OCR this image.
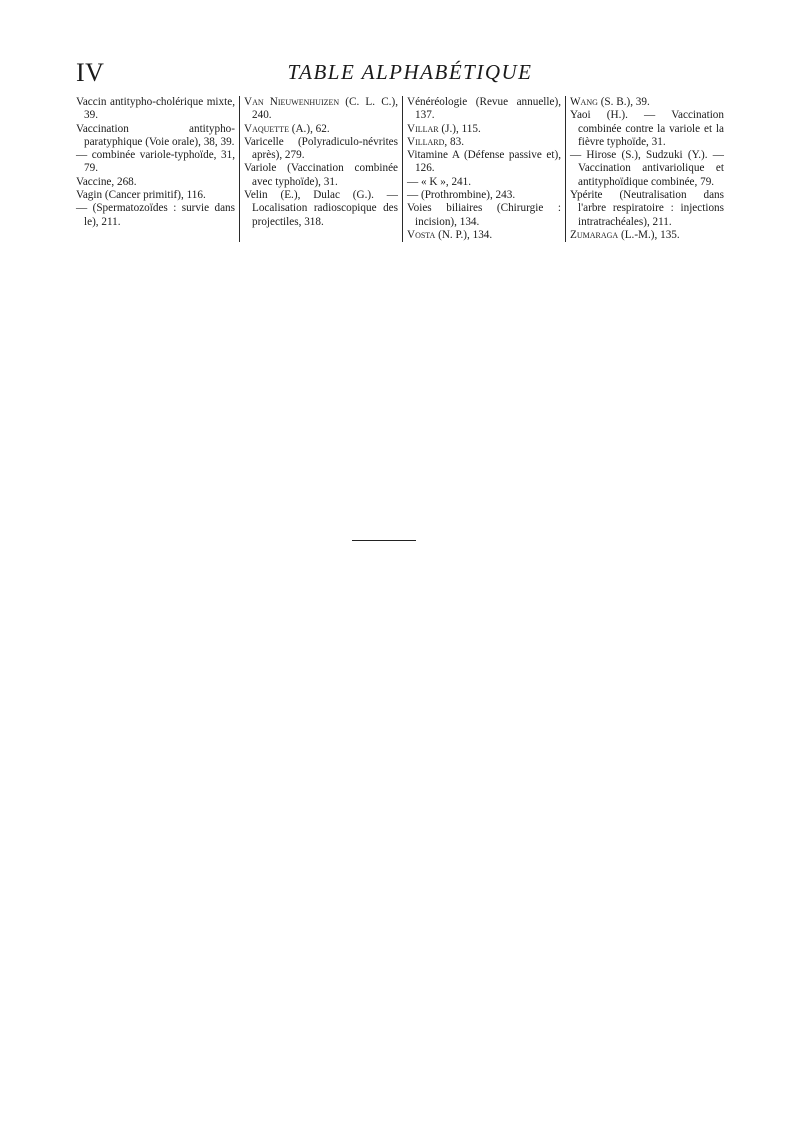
IV	TABLE ALPHABÉTIQUE
Vaccin antitypho-cholérique mixte, 39.
Vaccination antitypho-paratyphique (Voie orale), 38, 39.
— combinée variole-typhoïde, 31, 79.
Vaccine, 268.
Vagin (Cancer primitif), 116.
— (Spermatozoïdes : survie dans le), 211.
Van Nieuwenhuizen (C. L. C.), 240.
Vaquette (A.), 62.
Varicelle (Polyradiculo-névrites après), 279.
Variole (Vaccination combinée avec typhoïde), 31.
Velin (E.), Dulac (G.). — Localisation radioscopique des projectiles, 318.
Vénéréologie (Revue annuelle), 137.
Villar (J.), 115.
Villard, 83.
Vitamine A (Défense passive et), 126.
— « K », 241.
— (Prothrombine), 243.
Voies biliaires (Chirurgie : incision), 134.
Vosta (N. P.), 134.
Wang (S. B.), 39.
Yaoi (H.). — Vaccination combinée contre la variole et la fièvre typhoïde, 31.
— Hirose (S.), Sudzuki (Y.). — Vaccination antivariolique et antityphoïdique combinée, 79.
Ypérite (Neutralisation dans l'arbre respiratoire : injections intratrachéales), 211.
Zumaraga (L.-M.), 135.
